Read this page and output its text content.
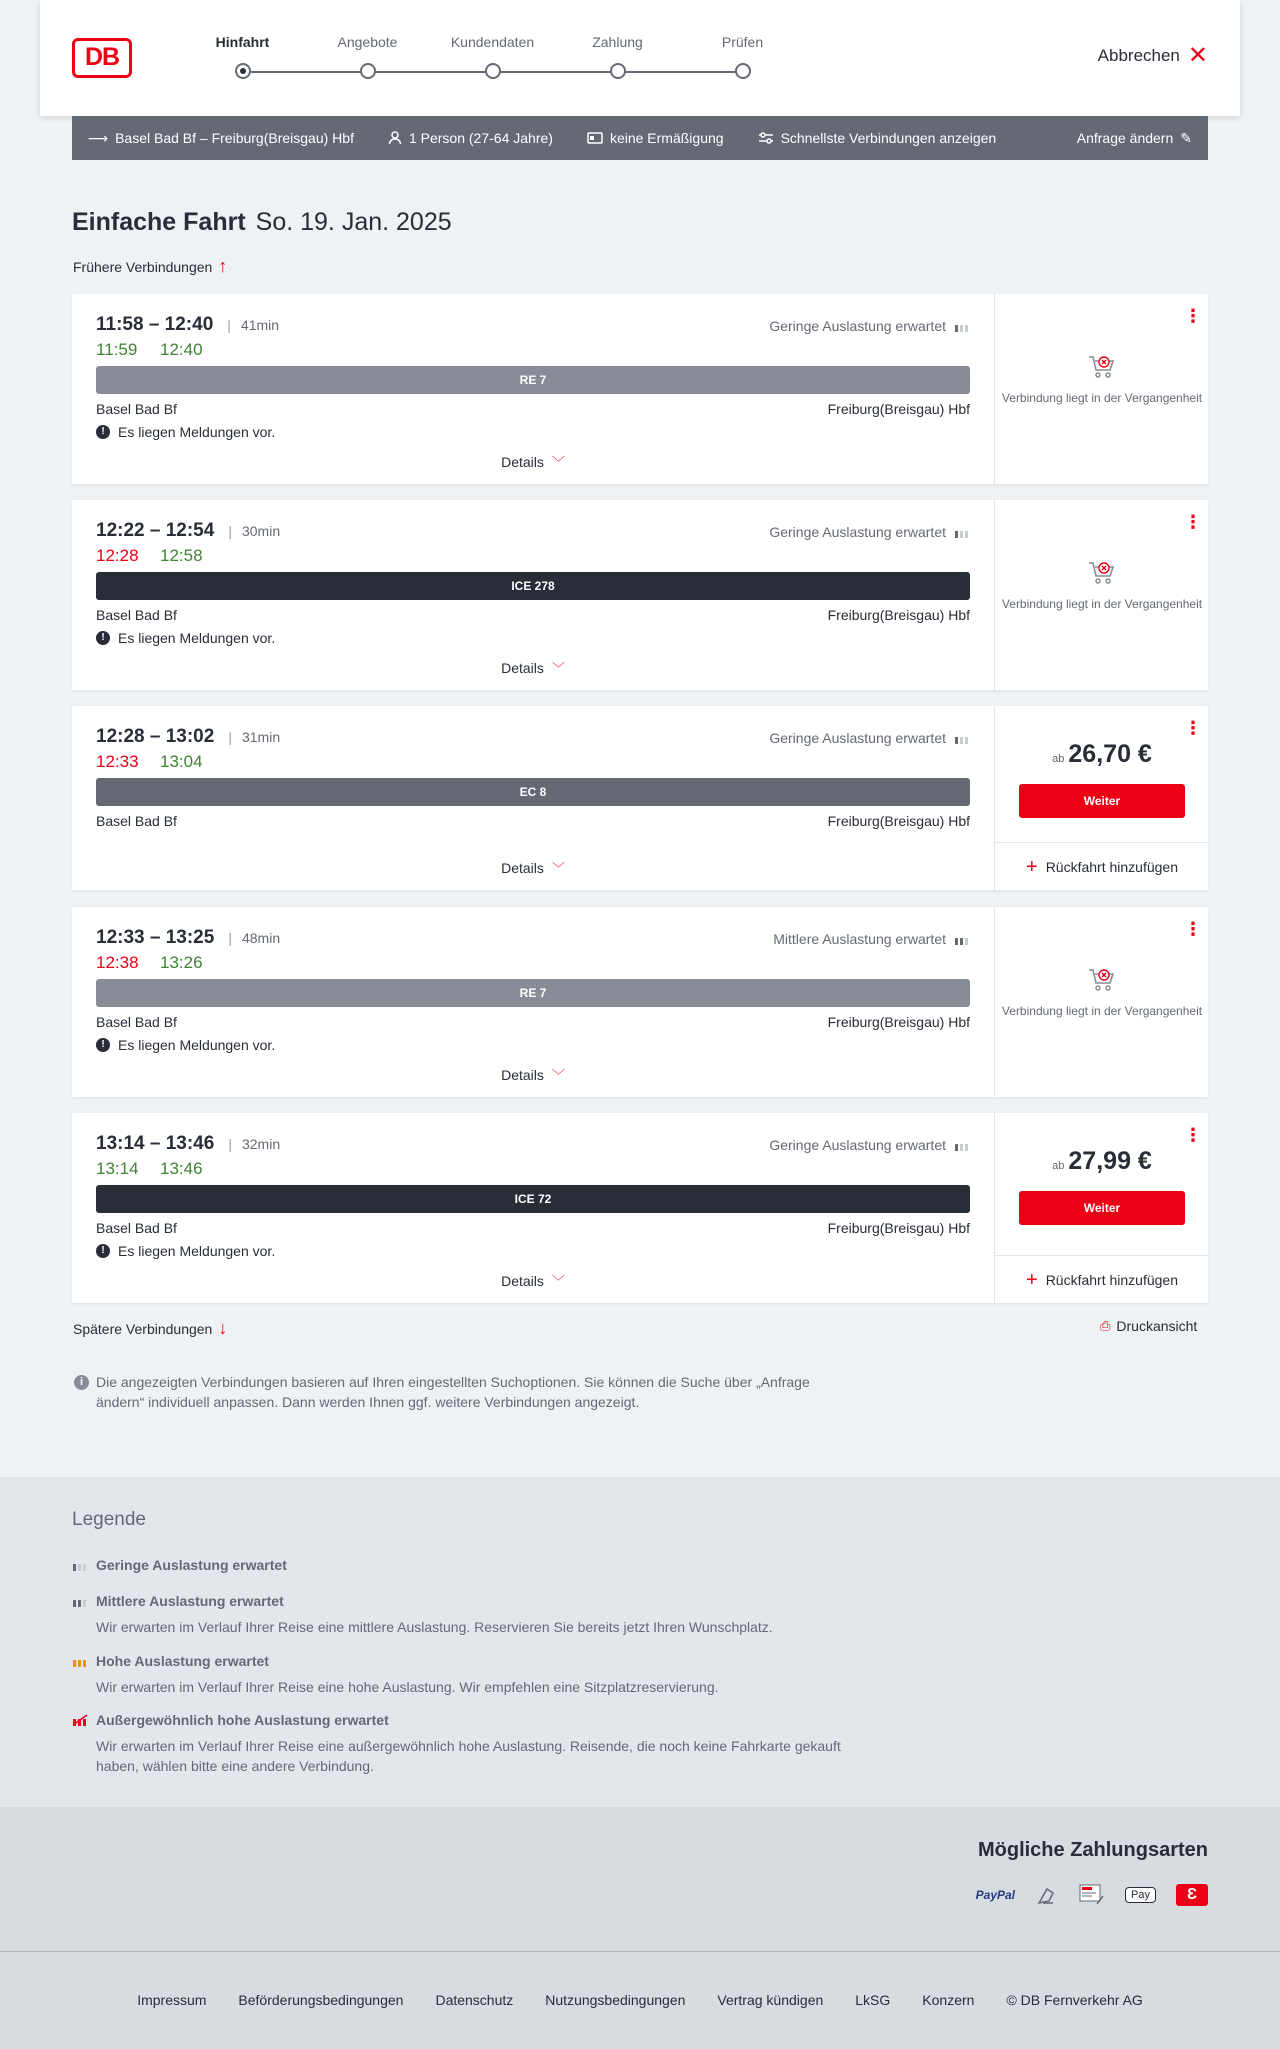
DB
Hinfahrt	Angebote	Kundendaten	Zahlung	Prüfen
Abbrechen ✕
⟶ Basel Bad Bf – Freiburg(Breisgau) Hbf	1 Person (27-64 Jahre)	keine Ermäßigung	Schnellste Verbindungen anzeigen	Anfrage ändern ✎
Einfache Fahrt So. 19. Jan. 2025
Frühere Verbindungen ↑
11:58 – 12:40 | 41min
11:59 12:40
Geringe Auslastung erwartet
RE 7
Basel Bad Bf	Freiburg(Breisgau) Hbf
! Es liegen Meldungen vor.
Details ﹀
⋮
Verbindung liegt in der Vergangenheit
12:22 – 12:54 | 30min
12:28 12:58
Geringe Auslastung erwartet
ICE 278
Basel Bad Bf	Freiburg(Breisgau) Hbf
! Es liegen Meldungen vor.
Details ﹀
⋮
Verbindung liegt in der Vergangenheit
12:28 – 13:02 | 31min
12:33 13:04
Geringe Auslastung erwartet
EC 8
Basel Bad Bf	Freiburg(Breisgau) Hbf
Details ﹀
⋮
ab 26,70 €
Weiter
+ Rückfahrt hinzufügen
12:33 – 13:25 | 48min
12:38 13:26
Mittlere Auslastung erwartet
RE 7
Basel Bad Bf	Freiburg(Breisgau) Hbf
! Es liegen Meldungen vor.
Details ﹀
⋮
Verbindung liegt in der Vergangenheit
13:14 – 13:46 | 32min
13:14 13:46
Geringe Auslastung erwartet
ICE 72
Basel Bad Bf	Freiburg(Breisgau) Hbf
! Es liegen Meldungen vor.
Details ﹀
⋮
ab 27,99 €
Weiter
+ Rückfahrt hinzufügen
Spätere Verbindungen ↓	⎙ Druckansicht
i Die angezeigten Verbindungen basieren auf Ihren eingestellten Suchoptionen. Sie können die Suche über „Anfrage ändern“ individuell anpassen. Dann werden Ihnen ggf. weitere Verbindungen angezeigt.
Legende
Geringe Auslastung erwartet
Mittlere Auslastung erwartet
Wir erwarten im Verlauf Ihrer Reise eine mittlere Auslastung. Reservieren Sie bereits jetzt Ihren Wunschplatz.
Hohe Auslastung erwartet
Wir erwarten im Verlauf Ihrer Reise eine hohe Auslastung. Wir empfehlen eine Sitzplatzreservierung.
Außergewöhnlich hohe Auslastung erwartet
Wir erwarten im Verlauf Ihrer Reise eine außergewöhnlich hohe Auslastung. Reisende, die noch keine Fahrkarte gekauft haben, wählen bitte eine andere Verbindung.
Mögliche Zahlungsarten
PayPal	Pay	Ɛ
Impressum Beförderungsbedingungen Datenschutz Nutzungsbedingungen Vertrag kündigen LkSG Konzern © DB Fernverkehr AG
